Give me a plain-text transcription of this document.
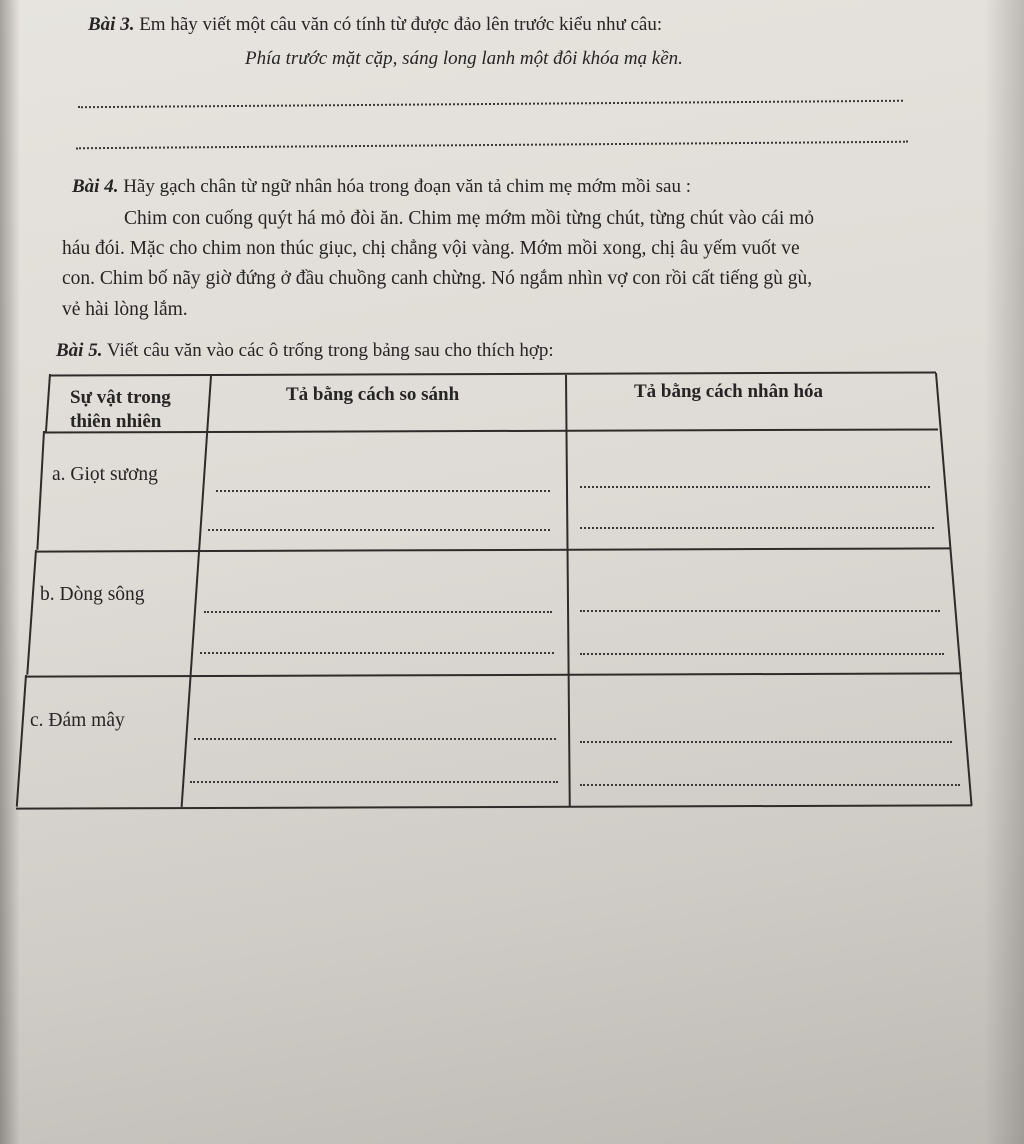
Bài 3. Em hãy viết một câu văn có tính từ được đảo lên trước kiểu như câu:
Phía trước mặt cặp, sáng long lanh một đôi khóa mạ kền.
Bài 4. Hãy gạch chân từ ngữ nhân hóa trong đoạn văn tả chim mẹ mớm mồi sau :
Chim con cuống quýt há mỏ đòi ăn. Chim mẹ mớm mồi từng chút, từng chút vào cái mỏ
háu đói. Mặc cho chim non thúc giục, chị chẳng vội vàng. Mớm mồi xong, chị âu yếm vuốt ve
con. Chim bố nãy giờ đứng ở đầu chuồng canh chừng. Nó ngắm nhìn vợ con rồi cất tiếng gù gù,
vẻ hài lòng lắm.
Bài 5. Viết câu văn vào các ô trống trong bảng sau cho thích hợp:
Sự vật trong
thiên nhiên
Tả bằng cách so sánh	Tả bằng cách nhân hóa
a. Giọt sương
b. Dòng sông
c. Đám mây
